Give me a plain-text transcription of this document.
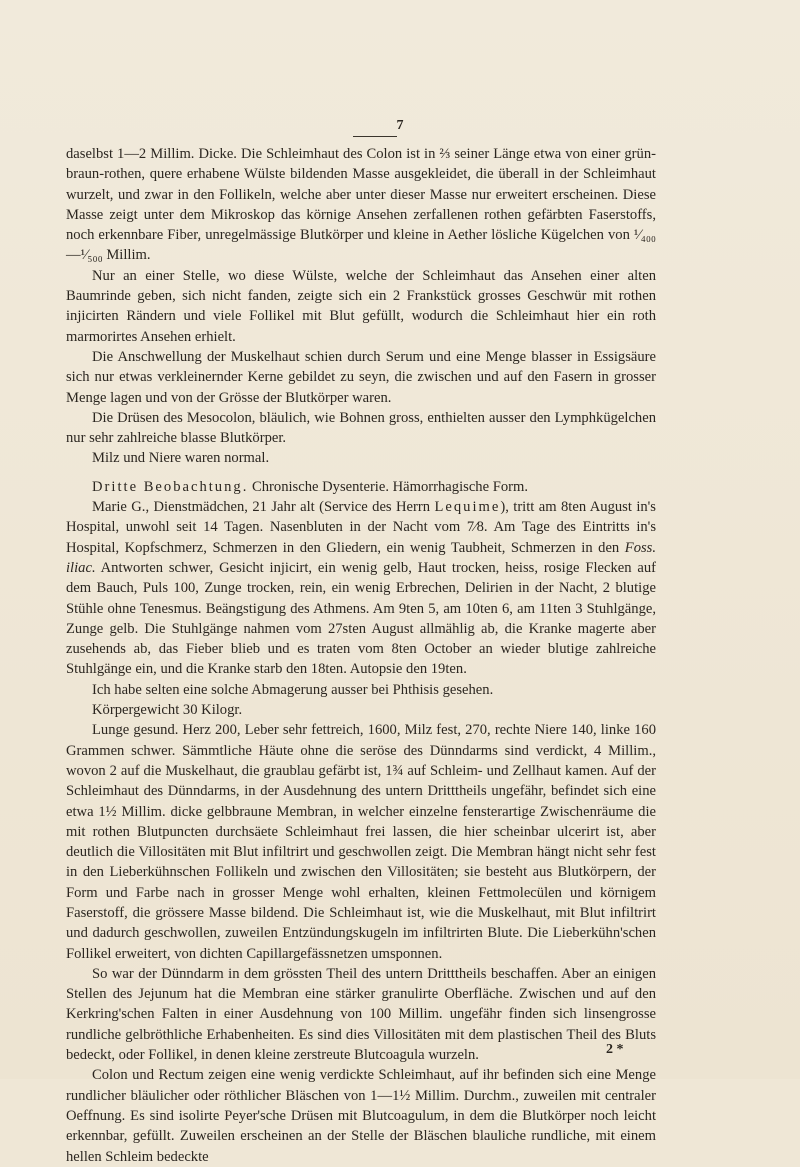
7

daselbst 1—2 Millim. Dicke. Die Schleimhaut des Colon ist in ⅔ seiner Länge etwa von einer grün-braun-rothen, quere erhabene Wülste bildenden Masse ausgekleidet, die überall in der Schleimhaut wurzelt, und zwar in den Follikeln, welche aber unter dieser Masse nur erweitert erscheinen. Diese Masse zeigt unter dem Mikroskop das körnige Ansehen zerfallenen rothen gefärbten Faserstoffs, noch erkennbare Fiber, unregelmässige Blutkörper und kleine in Aether lösliche Kügelchen von ¹⁄₄₀₀—¹⁄₅₀₀ Millim.

Nur an einer Stelle, wo diese Wülste, welche der Schleimhaut das Ansehen einer alten Baumrinde geben, sich nicht fanden, zeigte sich ein 2 Frankstück grosses Geschwür mit rothen injicirten Rändern und viele Follikel mit Blut gefüllt, wodurch die Schleimhaut hier ein roth marmorirtes Ansehen erhielt.

Die Anschwellung der Muskelhaut schien durch Serum und eine Menge blasser in Essigsäure sich nur etwas verkleinernder Kerne gebildet zu seyn, die zwischen und auf den Fasern in grosser Menge lagen und von der Grösse der Blutkörper waren.

Die Drüsen des Mesocolon, bläulich, wie Bohnen gross, enthielten ausser den Lymphkügelchen nur sehr zahlreiche blasse Blutkörper.

Milz und Niere waren normal.

Dritte Beobachtung. Chronische Dysenterie. Hämorrhagische Form.

Marie G., Dienstmädchen, 21 Jahr alt (Service des Herrn Lequime), tritt am 8ten August in's Hospital, unwohl seit 14 Tagen. Nasenbluten in der Nacht vom 7⁄8. Am Tage des Eintritts in's Hospital, Kopfschmerz, Schmerzen in den Gliedern, ein wenig Taubheit, Schmerzen in den Foss. iliac. Antworten schwer, Gesicht injicirt, ein wenig gelb, Haut trocken, heiss, rosige Flecken auf dem Bauch, Puls 100, Zunge trocken, rein, ein wenig Erbrechen, Delirien in der Nacht, 2 blutige Stühle ohne Tenesmus. Beängstigung des Athmens. Am 9ten 5, am 10ten 6, am 11ten 3 Stuhlgänge, Zunge gelb. Die Stuhlgänge nahmen vom 27sten August allmählig ab, die Kranke magerte aber zusehends ab, das Fieber blieb und es traten vom 8ten October an wieder blutige zahlreiche Stuhlgänge ein, und die Kranke starb den 18ten. Autopsie den 19ten.

Ich habe selten eine solche Abmagerung ausser bei Phthisis gesehen.

Körpergewicht 30 Kilogr.

Lunge gesund. Herz 200, Leber sehr fettreich, 1600, Milz fest, 270, rechte Niere 140, linke 160 Grammen schwer. Sämmtliche Häute ohne die seröse des Dünndarms sind verdickt, 4 Millim., wovon 2 auf die Muskelhaut, die graublau gefärbt ist, 1¾ auf Schleim- und Zellhaut kamen. Auf der Schleimhaut des Dünndarms, in der Ausdehnung des untern Dritttheils ungefähr, befindet sich eine etwa 1½ Millim. dicke gelbbraune Membran, in welcher einzelne fensterartige Zwischenräume die mit rothen Blutpuncten durchsäete Schleimhaut frei lassen, die hier scheinbar ulcerirt ist, aber deutlich die Villositäten mit Blut infiltrirt und geschwollen zeigt. Die Membran hängt nicht sehr fest in den Lieberkühnschen Follikeln und zwischen den Villositäten; sie besteht aus Blutkörpern, der Form und Farbe nach in grosser Menge wohl erhalten, kleinen Fettmolecülen und körnigem Faserstoff, die grössere Masse bildend. Die Schleimhaut ist, wie die Muskelhaut, mit Blut infiltrirt und dadurch geschwollen, zuweilen Entzündungskugeln im infiltrirten Blute. Die Lieberkühn'schen Follikel erweitert, von dichten Capillargefässnetzen umsponnen.

So war der Dünndarm in dem grössten Theil des untern Dritttheils beschaffen. Aber an einigen Stellen des Jejunum hat die Membran eine stärker granulirte Oberfläche. Zwischen und auf den Kerkring'schen Falten in einer Ausdehnung von 100 Millim. ungefähr finden sich linsengrosse rundliche gelbröthliche Erhabenheiten. Es sind dies Villositäten mit dem plastischen Theil des Bluts bedeckt, oder Follikel, in denen kleine zerstreute Blutcoagula wurzeln.

Colon und Rectum zeigen eine wenig verdickte Schleimhaut, auf ihr befinden sich eine Menge rundlicher bläulicher oder röthlicher Bläschen von 1—1½ Millim. Durchm., zuweilen mit centraler Oeffnung. Es sind isolirte Peyer'sche Drüsen mit Blutcoagulum, in dem die Blutkörper noch leicht erkennbar, gefüllt. Zuweilen erscheinen an der Stelle der Bläschen blauliche rundliche, mit einem hellen Schleim bedeckte

2 *
